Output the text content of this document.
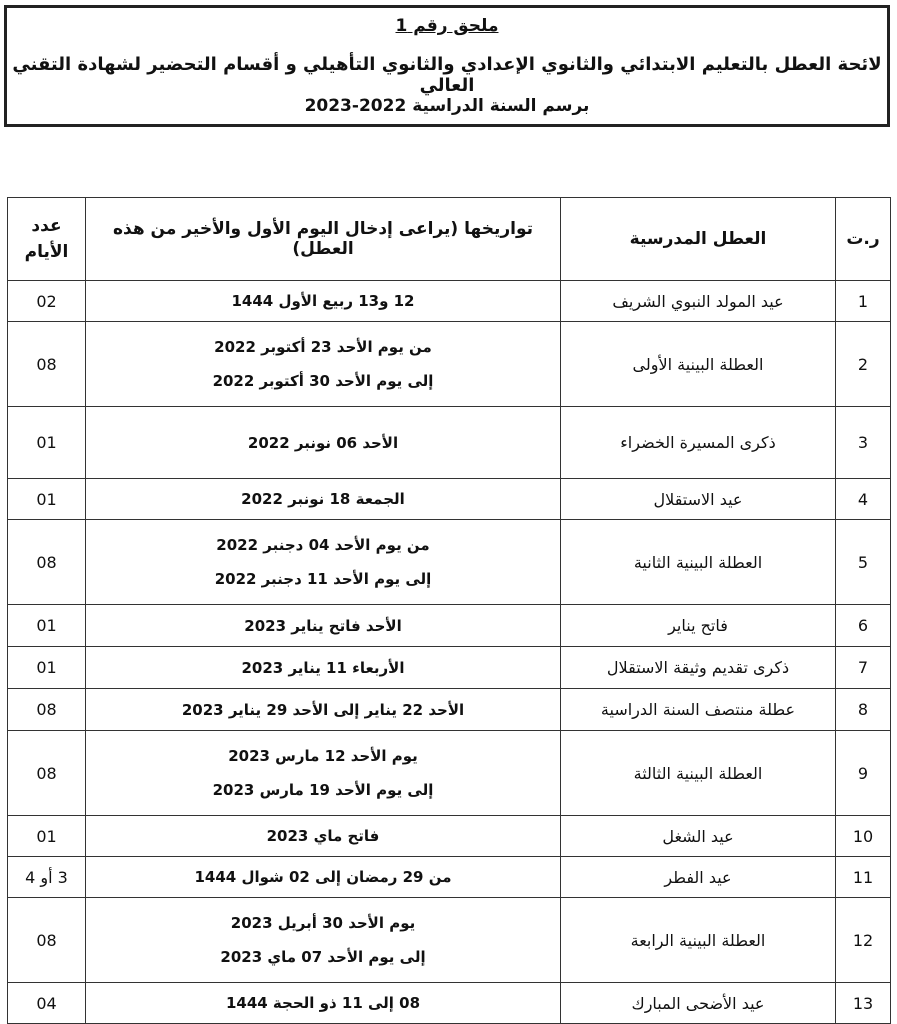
ملحق رقم 1
لائحة العطل بالتعليم الابتدائي والثانوي الإعدادي والثانوي التأهيلي و أقسام التحضير لشهادة التقني العالي
برسم السنة الدراسية 2022-2023
ر.ت	العطل المدرسية	تواريخها (يراعى إدخال اليوم الأول والأخير من هذه العطل)	عدد
الأيام

1	عيد المولد النبوي الشريف	12 و13 ربيع الأول 1444	02
2	العطلة البينية الأولى	من يوم الأحد 23 أكتوبر 2022
إلى يوم الأحد 30 أكتوبر 2022	08
3	ذكرى المسيرة الخضراء	الأحد 06 نونبر 2022	01
4	عيد الاستقلال	الجمعة 18 نونبر 2022	01
5	العطلة البينية الثانية	من يوم الأحد 04 دجنبر 2022
إلى يوم الأحد 11 دجنبر 2022	08
6	فاتح يناير	الأحد فاتح يناير 2023	01
7	ذكرى تقديم وثيقة الاستقلال	الأربعاء 11 يناير 2023	01
8	عطلة منتصف السنة الدراسية	الأحد 22 يناير إلى الأحد 29 يناير 2023	08
9	العطلة البينية الثالثة	يوم الأحد 12 مارس 2023
إلى يوم الأحد 19 مارس 2023	08
10	عيد الشغل	فاتح ماي 2023	01
11	عيد الفطر	من 29 رمضان إلى 02 شوال 1444	3 أو 4
12	العطلة البينية الرابعة	يوم الأحد 30 أبريل 2023
إلى يوم الأحد 07 ماي 2023	08
13	عيد الأضحى المبارك	08 إلى 11 ذو الحجة 1444	04
